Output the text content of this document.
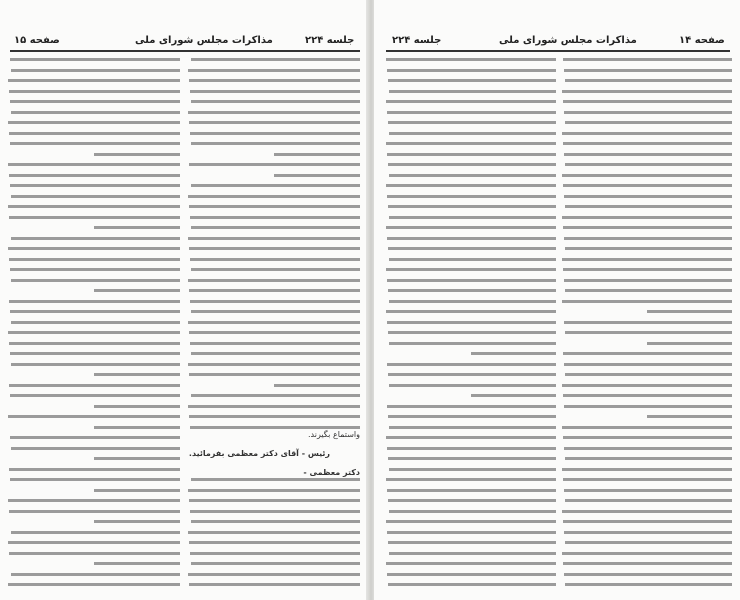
صفحه ۱۵	مذاکرات مجلس شورای ملی	جلسه ۲۲۴
واستماع بگیرند.
رئیس - آقای دکتر معظمی بفرمائید.
دکتر معظمی -
جلسه ۲۲۴	مذاکرات مجلس شورای ملی	صفحه ۱۴
